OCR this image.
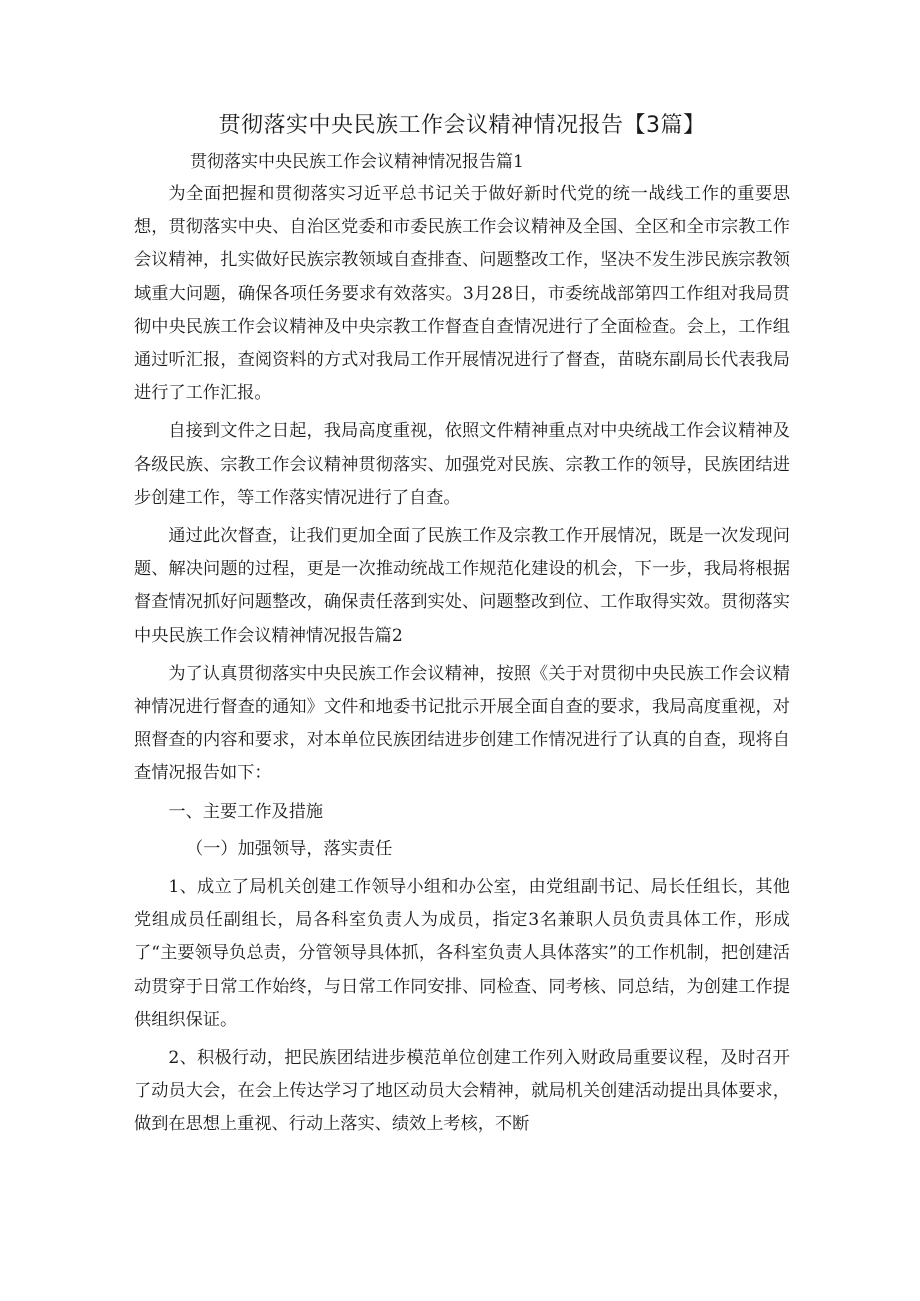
贯彻落实中央民族工作会议精神情况报告【3篇】

贯彻落实中央民族工作会议精神情况报告篇1

为全面把握和贯彻落实习近平总书记关于做好新时代党的统一战线工作的重要思想，贯彻落实中央、自治区党委和市委民族工作会议精神及全国、全区和全市宗教工作会议精神，扎实做好民族宗教领域自查排查、问题整改工作，坚决不发生涉民族宗教领域重大问题，确保各项任务要求有效落实。3月28日，市委统战部第四工作组对我局贯彻中央民族工作会议精神及中央宗教工作督查自查情况进行了全面检查。会上，工作组通过听汇报，查阅资料的方式对我局工作开展情况进行了督查，苗晓东副局长代表我局进行了工作汇报。

自接到文件之日起，我局高度重视，依照文件精神重点对中央统战工作会议精神及各级民族、宗教工作会议精神贯彻落实、加强党对民族、宗教工作的领导，民族团结进步创建工作，等工作落实情况进行了自查。

通过此次督查，让我们更加全面了民族工作及宗教工作开展情况，既是一次发现问题、解决问题的过程，更是一次推动统战工作规范化建设的机会，下一步，我局将根据督查情况抓好问题整改，确保责任落到实处、问题整改到位、工作取得实效。贯彻落实中央民族工作会议精神情况报告篇2

为了认真贯彻落实中央民族工作会议精神，按照《关于对贯彻中央民族工作会议精神情况进行督查的通知》文件和地委书记批示开展全面自查的要求，我局高度重视，对照督查的内容和要求，对本单位民族团结进步创建工作情况进行了认真的自查，现将自查情况报告如下：

一、主要工作及措施

（一）加强领导，落实责任

1、成立了局机关创建工作领导小组和办公室，由党组副书记、局长任组长，其他党组成员任副组长，局各科室负责人为成员，指定3名兼职人员负责具体工作，形成了“主要领导负总责，分管领导具体抓，各科室负责人具体落实”的工作机制，把创建活动贯穿于日常工作始终，与日常工作同安排、同检查、同考核、同总结，为创建工作提供组织保证。

2、积极行动，把民族团结进步模范单位创建工作列入财政局重要议程，及时召开了动员大会，在会上传达学习了地区动员大会精神，就局机关创建活动提出具体要求，做到在思想上重视、行动上落实、绩效上考核，不断
